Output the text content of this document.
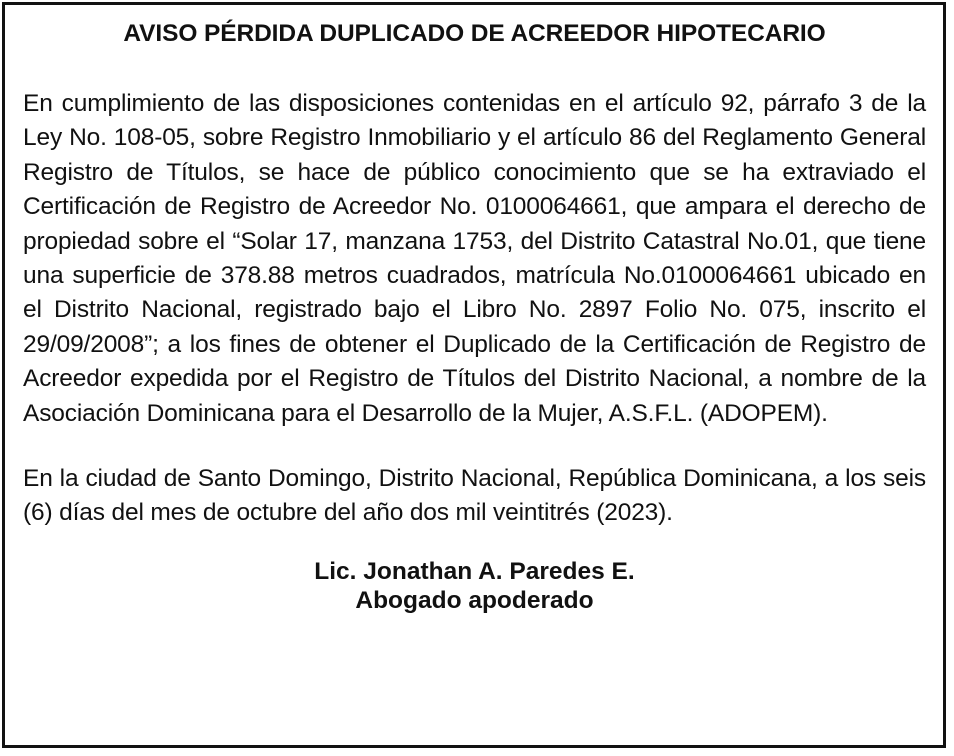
AVISO PÉRDIDA DUPLICADO DE ACREEDOR HIPOTECARIO

En cumplimiento de las disposiciones contenidas en el artículo 92, párrafo 3 de la Ley No. 108-05, sobre Registro Inmobiliario y el artículo 86 del Reglamento General Registro de Títulos, se hace de público conocimiento que se ha extraviado el Certificación de Registro de Acreedor No. 0100064661, que ampara el derecho de propiedad sobre el “Solar 17, manzana 1753, del Distrito Catastral No.01, que tiene una superficie de 378.88 metros cuadrados, matrícula No.0100064661 ubicado en el Distrito Nacional, registrado bajo el Libro No. 2897 Folio No. 075, inscrito el 29/09/2008”; a los fines de obtener el Duplicado de la Certificación de Registro de Acreedor expedida por el Registro de Títulos del Distrito Nacional, a nombre de la Asociación Dominicana para el Desarrollo de la Mujer, A.S.F.L. (ADOPEM).

En la ciudad de Santo Domingo, Distrito Nacional, República Dominicana, a los seis (6) días del mes de octubre del año dos mil veintitrés (2023).

Lic. Jonathan A. Paredes E.
Abogado apoderado
